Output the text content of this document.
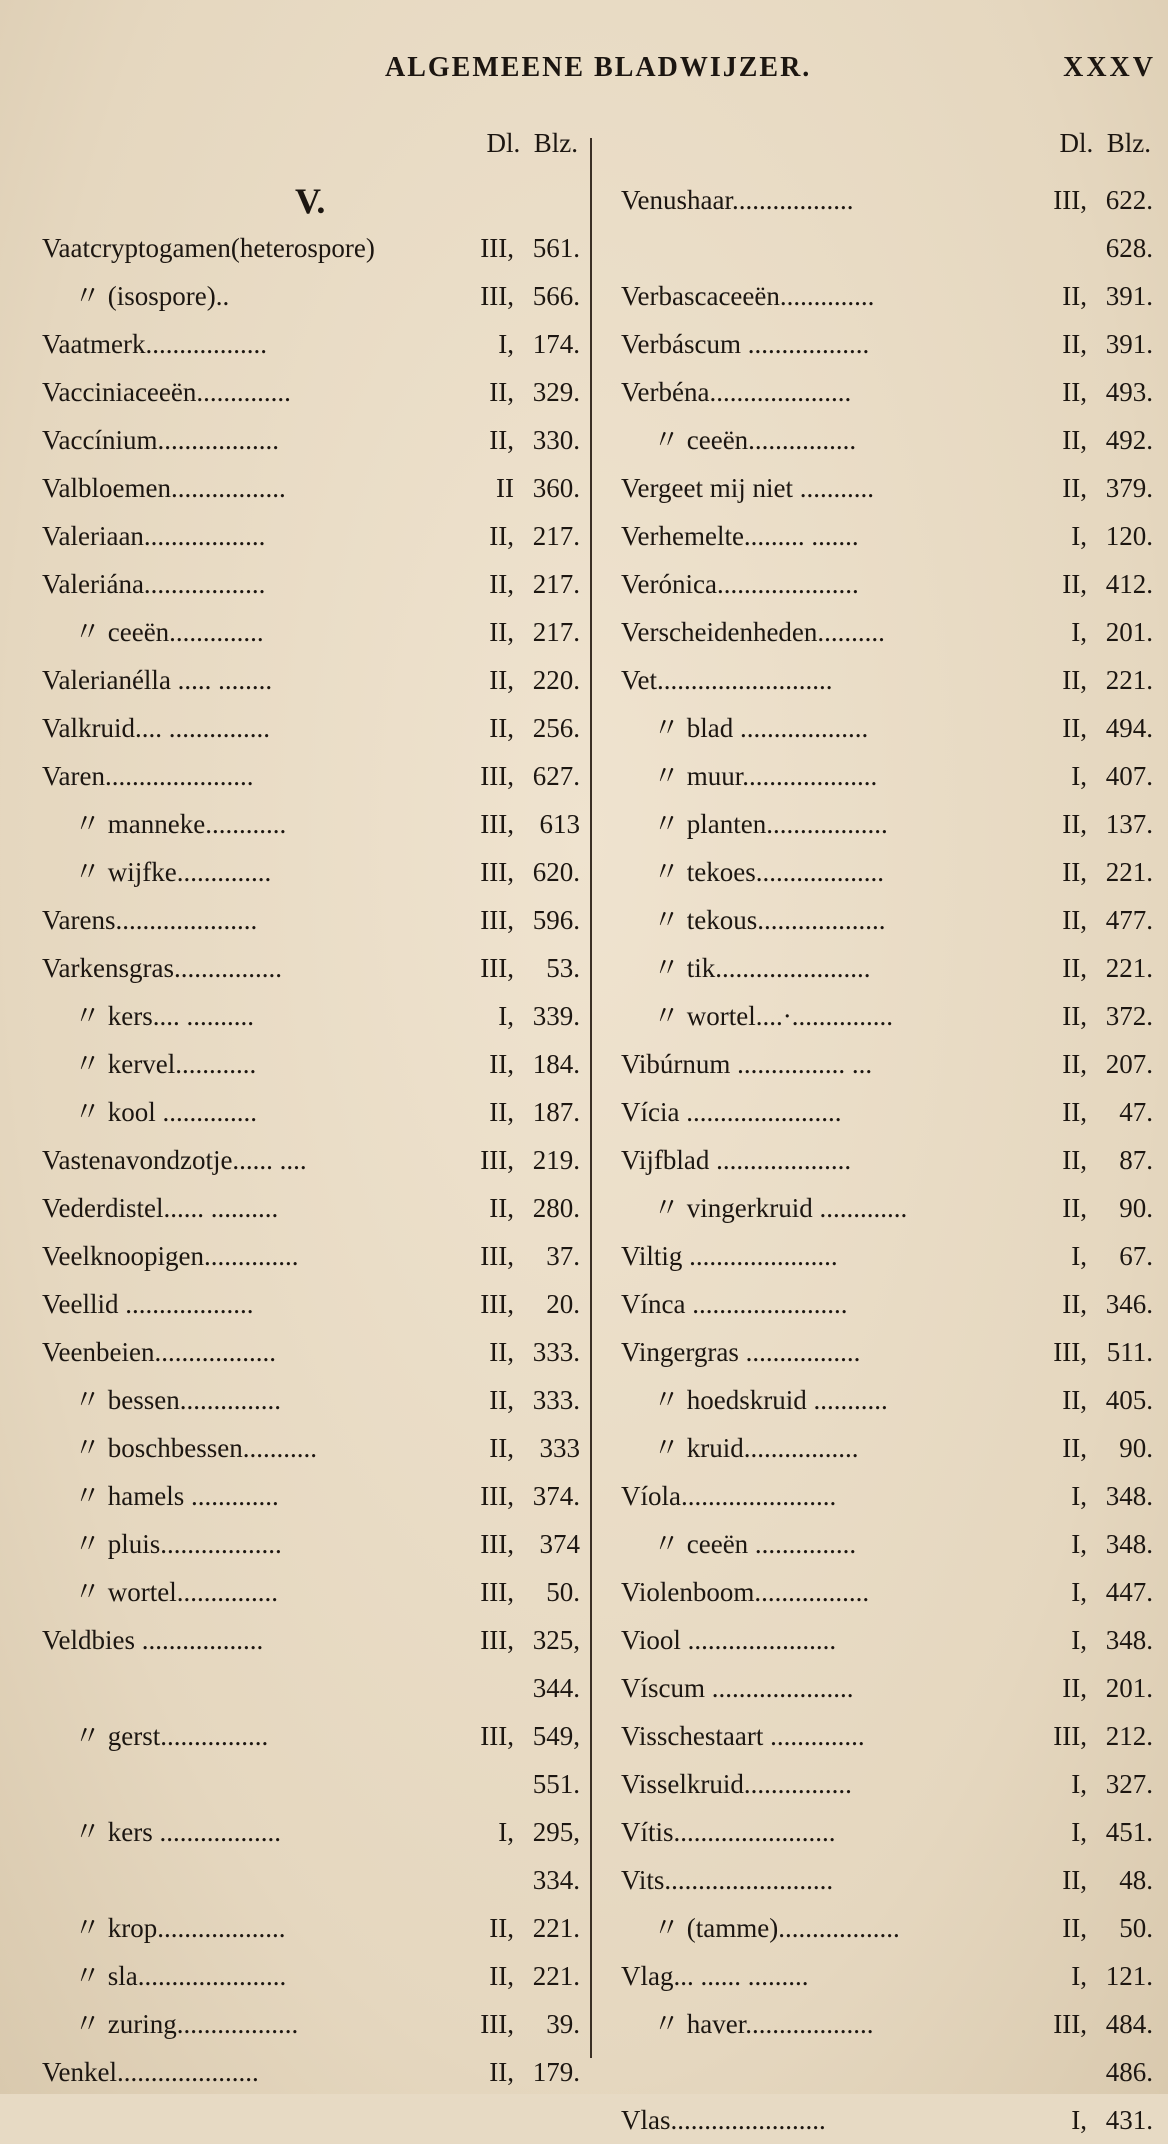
ALGEMEENE BLADWIJZER.	XXXV
V.
Dl. Blz.
Vaatcryptogamen(heterospore)	III, 561.
〃 (isospore)..	III, 566.
Vaatmerk..................	I, 174.
Vacciniaceeën..............	II, 329.
Vaccínium..................	II, 330.
Valbloemen.................	II 360.
Valeriaan..................	II, 217.
Valeriána..................	II, 217.
〃 ceeën..............	II, 217.
Valerianélla ..... ........	II, 220.
Valkruid.... ...............	II, 256.
Varen......................	III, 627.
〃 manneke............	III, 613
〃 wijfke..............	III, 620.
Varens.....................	III, 596.
Varkensgras................	III,	53.
〃 kers.... ..........	I, 339.
〃 kervel............	II, 184.
〃 kool ..............	II, 187.
Vastenavondzotje...... ....	III, 219.
Vederdistel...... ..........	II, 280.
Veelknoopigen..............	III,	37.
Veellid ...................	III,	20.
Veenbeien..................	II, 333.
〃 bessen...............	II, 333.
〃 boschbessen...........	II, 333
〃 hamels .............	III, 374.
〃 pluis..................	III, 374
〃 wortel...............	III,	50.
Veldbies ..................	III, 325,
344.
〃 gerst................	III, 549,
551.
〃 kers ..................	I, 295,
334.
〃 krop...................	II, 221.
〃 sla......................	II, 221.
〃 zuring..................	III,	39.
Venkel.....................	II, 179.
Dl. Blz.
Venushaar..................	III, 622.
628.
Verbascaceeën..............	II, 391.
Verbáscum ..................	II, 391.
Verbéna.....................	II, 493.
〃 ceeën................	II, 492.
Vergeet mij niet ...........	II, 379.
Verhemelte......... .......	I, 120.
Verónica.....................	II, 412.
Verscheidenheden..........	I, 201.
Vet..........................	II, 221.
〃 blad ...................	II, 494.
〃 muur....................	I, 407.
〃 planten..................	II, 137.
〃 tekoes...................	II, 221.
〃 tekous...................	II, 477.
〃 tik.......................	II, 221.
〃 wortel....·...............	II, 372.
Vibúrnum ................ ...	II, 207.
Vícia .......................	II,	47.
Vijfblad ....................	II,	87.
〃 vingerkruid .............	II,	90.
Viltig ......................	I,	67.
Vínca .......................	II, 346.
Vingergras .................	III, 511.
〃 hoedskruid ...........	II, 405.
〃 kruid.................	II,	90.
Víola.......................	I, 348.
〃 ceeën ...............	I, 348.
Violenboom.................	I, 447.
Viool ......................	I, 348.
Víscum .....................	II, 201.
Visschestaart ..............	III, 212.
Visselkruid................	I, 327.
Vítis........................	I, 451.
Vits.........................	II,	48.
〃 (tamme)..................	II,	50.
Vlag... ...... .........	I, 121.
〃 haver...................	III, 484.
486.
Vlas.......................	I, 431.
